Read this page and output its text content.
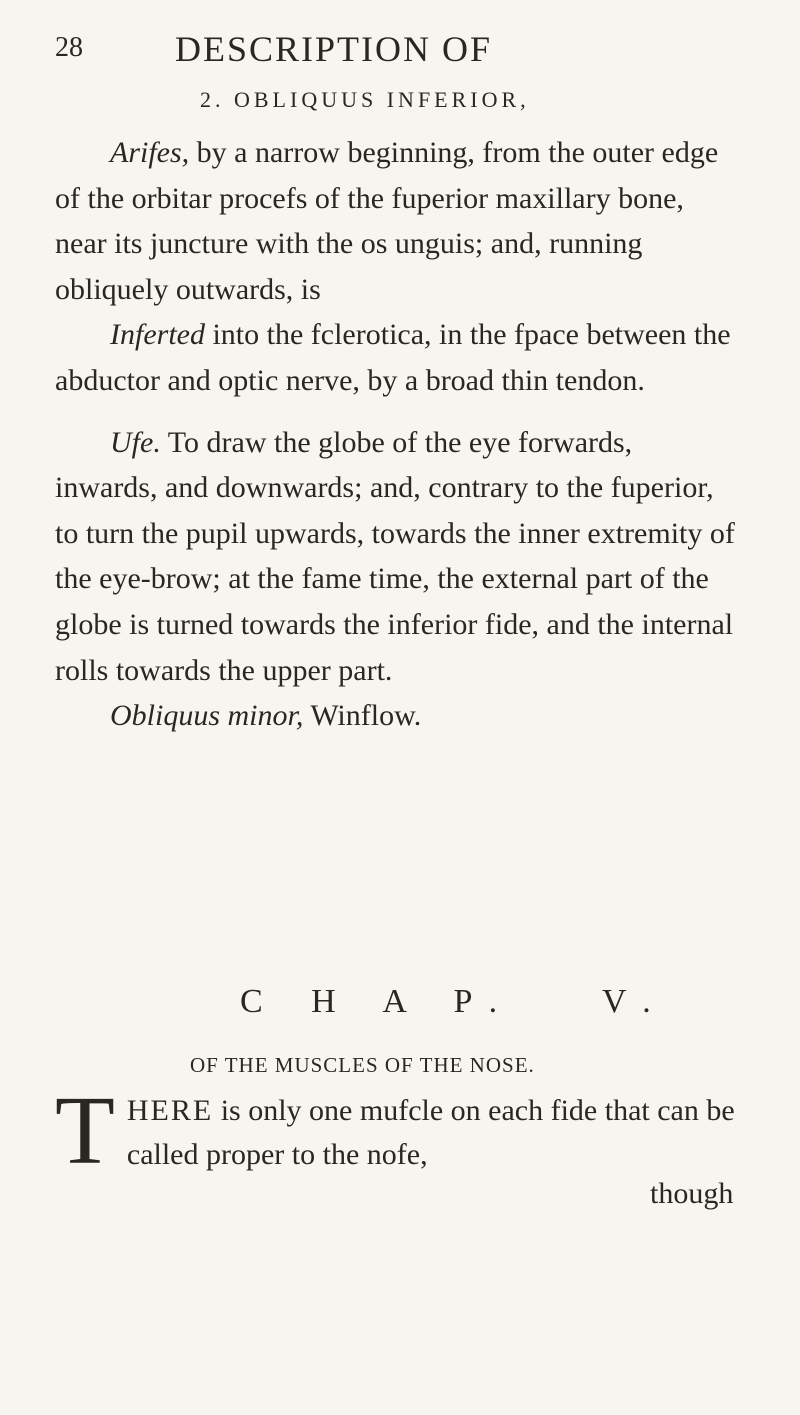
28	DESCRIPTION OF
2. OBLIQUUS INFERIOR,

Arifes, by a narrow beginning, from the outer edge of the orbitar procefs of the fuperior maxillary bone, near its juncture with the os unguis; and, running obliquely outwards, is

Inferted into the fclerotica, in the fpace between the abductor and optic nerve, by a broad thin tendon.

Ufe. To draw the globe of the eye forwards, inwards, and downwards; and, contrary to the fuperior, to turn the pupil upwards, towards the inner extremity of the eye-brow; at the fame time, the external part of the globe is turned towards the inferior fide, and the internal rolls towards the upper part.

Obliquus minor, Winflow.

C H A P.   V.
OF THE MUSCLES OF THE NOSE.
THERE is only one mufcle on each fide that can be called proper to the nofe,
though
